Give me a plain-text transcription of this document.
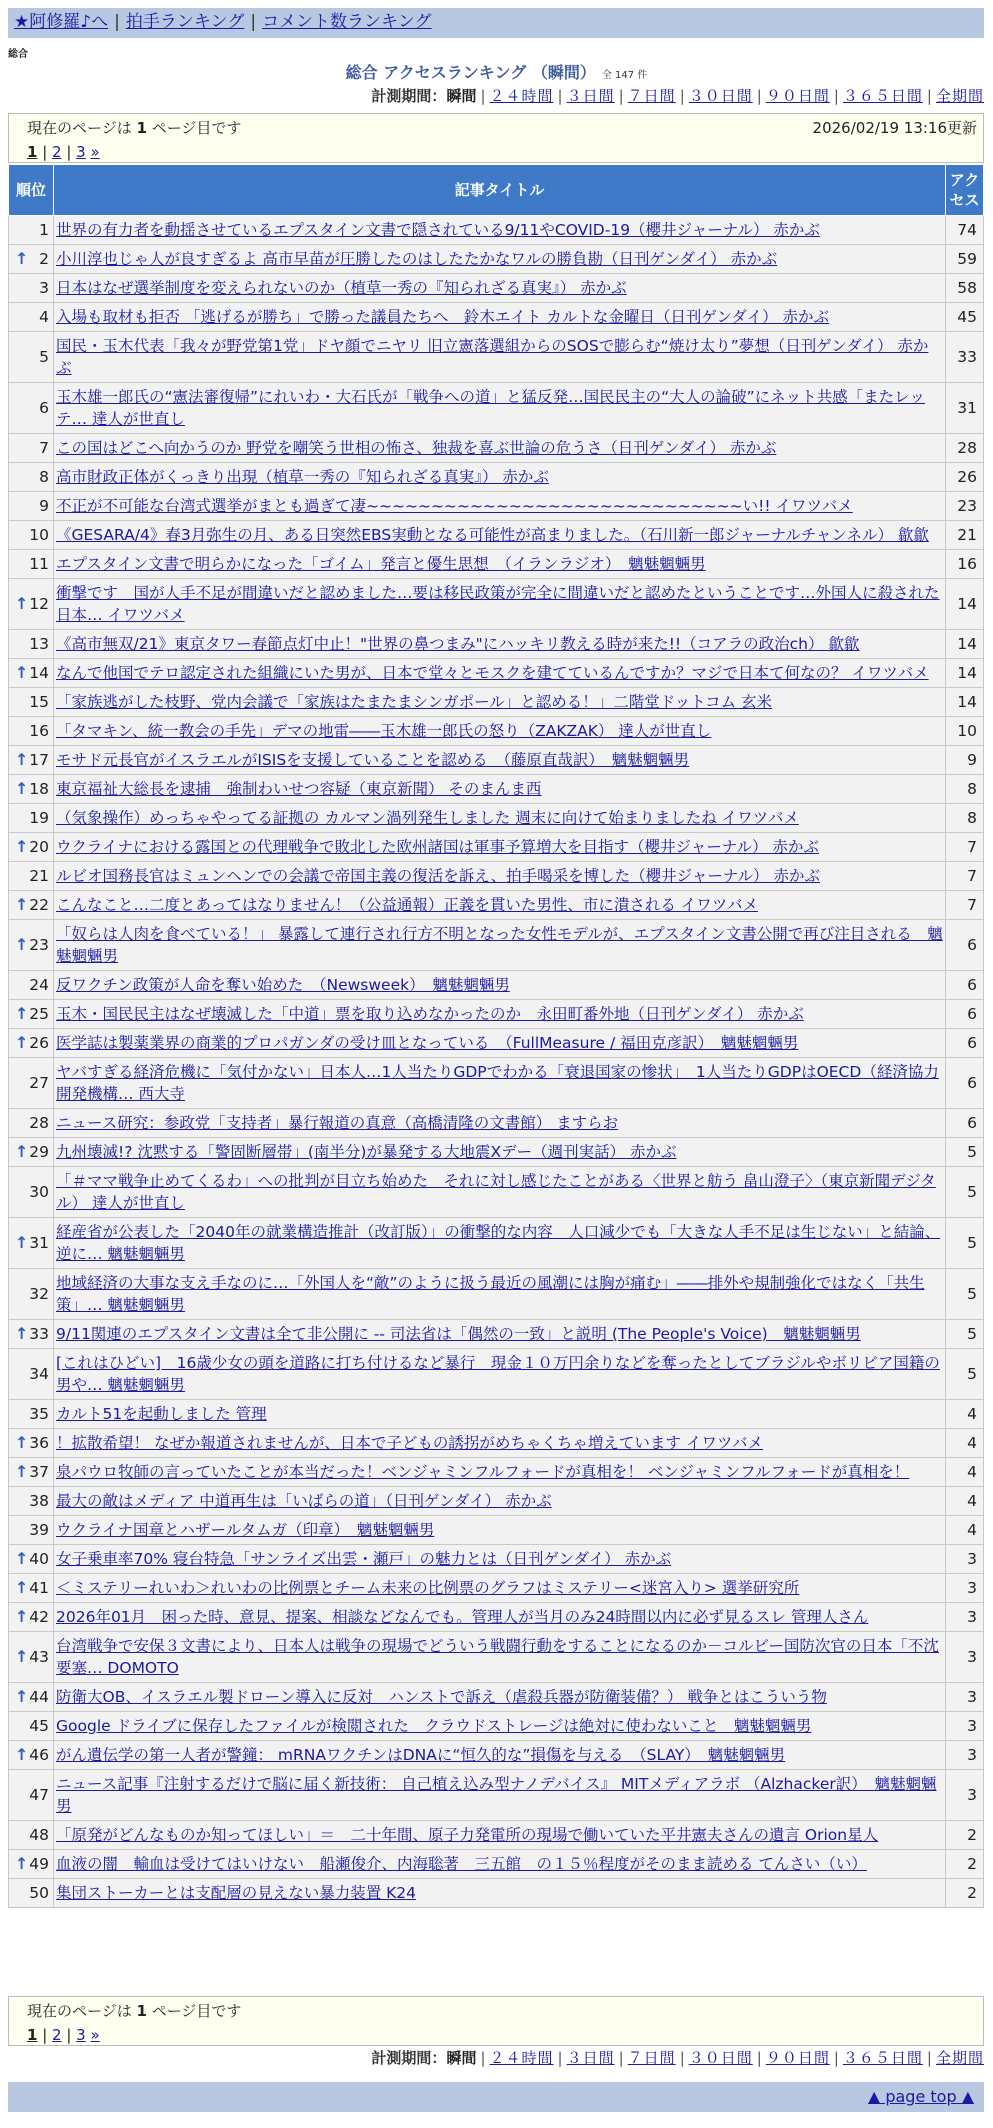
★阿修羅♪へ | 拍手ランキング | コメント数ランキング
総合
総合 アクセスランキング （瞬間） 全 147 件
計測期間：瞬間 | ２４時間 | ３日間 | ７日間 | ３０日間 | ９０日間 | ３６５日間 | 全期間
現在のページは 1 ページ目です	2026/02/19 13:16更新
1 | 2 | 3 »
順位	記事タイトル	アクセス
1	世界の有力者を動揺させているエプスタイン文書で隠されている9/11やCOVID-19（櫻井ジャーナル） 赤かぶ	74

↑ 2	小川淳也じゃ人が良すぎるよ 高市早苗が圧勝したのはしたたかなワルの勝負勘（日刊ゲンダイ） 赤かぶ	59
3	日本はなぜ選挙制度を変えられないのか（植草一秀の『知られざる真実』） 赤かぶ	58
4	入場も取材も拒否 「逃げるが勝ち」で勝った議員たちへ　鈴木エイト カルトな金曜日（日刊ゲンダイ） 赤かぶ	45
5	国民・玉木代表「我々が野党第1党」ドヤ顔でニヤリ 旧立憲落選組からのSOSで膨らむ“焼け太り”夢想（日刊ゲンダイ） 赤かぶ	33
6	玉木雄一郎氏の“憲法審復帰”にれいわ・大石氏が「戦争への道」と猛反発…国民民主の“大人の論破”にネット共感「またレッテ… 達人が世直し	31
7	この国はどこへ向かうのか 野党を嘲笑う世相の怖さ、独裁を喜ぶ世論の危うさ（日刊ゲンダイ） 赤かぶ	28
8	高市財政正体がくっきり出現（植草一秀の『知られざる真実』） 赤かぶ	26
9	不正が不可能な台湾式選挙がまとも過ぎて凄~~~~~~~~~~~~~~~~~~~~~~~~~~~~~い!! イワツバメ	23
10	《GESARA/4》春3月弥生の月、ある日突然EBS実動となる可能性が高まりました。（石川新一郎ジャーナルチャンネル） 歙歙	21
11	エプスタイン文書で明らかになった「ゴイム」発言と優生思想　（イランラジオ）　魑魅魍魎男	16

↑ 12	衝撃です　国が人手不足が間違いだと認めました…要は移民政策が完全に間違いだと認めたということです…外国人に殺された日本… イワツバメ	14
13	《高市無双/21》東京タワー春節点灯中止！"世界の鼻つまみ"にハッキリ教える時が来た!!（コアラの政治ch） 歙歙	14

↑ 14	なんで他国でテロ認定された組織にいた男が、日本で堂々とモスクを建てているんですか？マジで日本て何なの？ イワツバメ	14
15	「家族逃がした枝野、党内会議で「家族はたまたまシンガポール」と認める！」二階堂ドットコム 玄米	14
16	「タマキン、統一教会の手先」デマの地雷――玉木雄一郎氏の怒り（ZAKZAK） 達人が世直し	10

↑ 17	モサド元長官がイスラエルがISISを支援していることを認める　（藤原直哉訳）　魑魅魍魎男	9

↑ 18	東京福祉大総長を逮捕　強制わいせつ容疑（東京新聞） そのまんま西	8
19	（気象操作）めっちゃやってる証拠の カルマン渦列発生しました 週末に向けて始まりましたね イワツバメ	8

↑ 20	ウクライナにおける露国との代理戦争で敗北した欧州諸国は軍事予算増大を目指す（櫻井ジャーナル） 赤かぶ	7
21	ルビオ国務長官はミュンヘンでの会議で帝国主義の復活を訴え、拍手喝采を博した（櫻井ジャーナル） 赤かぶ	7

↑ 22	こんなこと…二度とあってはなりません！（公益通報）正義を貫いた男性、市に潰される イワツバメ	7

↑ 23	「奴らは人肉を食べている！」 暴露して連行され行方不明となった女性モデルが、エプスタイン文書公開で再び注目される　魑魅魍魎男	6
24	反ワクチン政策が人命を奪い始めた　（Newsweek）　魑魅魍魎男	6

↑ 25	玉木・国民民主はなぜ壊滅した「中道」票を取り込めなかったのか　永田町番外地（日刊ゲンダイ） 赤かぶ	6

↑ 26	医学誌は製薬業界の商業的プロパガンダの受け皿となっている　（FullMeasure / 福田克彦訳）　魑魅魍魎男	6
27	ヤバすぎる経済危機に「気付かない」日本人…1人当たりGDPでわかる「衰退国家の惨状」　1人当たりGDPはOECD（経済協力開発機構… 西大寺	6
28	ニュース研究：参政党「支持者」暴行報道の真意（高橋清隆の文書館） ますらお	6

↑ 29	九州壊滅!? 沈黙する「警固断層帯」(南半分)が暴発する大地震Xデー（週刊実話） 赤かぶ	5
30	「＃ママ戦争止めてくるわ」への批判が目立ち始めた　それに対し感じたことがある〈世界と舫う 畠山澄子〉（東京新聞デジタル） 達人が世直し	5

↑ 31	経産省が公表した「2040年の就業構造推計（改訂版）」の衝撃的な内容　人口減少でも「大きな人手不足は生じない」と結論、逆に… 魑魅魍魎男	5
32	地域経済の大事な支え手なのに…「外国人を“敵”のように扱う最近の風潮には胸が痛む」――排外や規制強化ではなく「共生策」… 魑魅魍魎男	5

↑ 33	9/11関連のエプスタイン文書は全て非公開に -- 司法省は「偶然の一致」と説明 (The People's Voice)　魑魅魍魎男	5
34	[これはひどい]　16歳少女の頭を道路に打ち付けるなど暴行　現金１０万円余りなどを奪ったとしてブラジルやボリビア国籍の男や… 魑魅魍魎男	5
35	カルト51を起動しました 管理	4

↑ 36	！拡散希望！ なぜか報道されませんが、日本で子どもの誘拐がめちゃくちゃ増えています イワツバメ	4

↑ 37	泉パウロ牧師の言っていたことが本当だった！ベンジャミンフルフォードが真相を！ ベンジャミンフルフォードが真相を！	4
38	最大の敵はメディア 中道再生は「いばらの道」（日刊ゲンダイ） 赤かぶ	4
39	ウクライナ国章とハザールタムガ（印章）　魑魅魍魎男	4

↑ 40	女子乗車率70% 寝台特急「サンライズ出雲・瀬戸」の魅力とは（日刊ゲンダイ） 赤かぶ	3

↑ 41	＜ミステリーれいわ＞れいわの比例票とチーム未来の比例票のグラフはミステリー<迷宮入り> 選挙研究所	3

↑ 42	2026年01月　困った時、意見、提案、相談などなんでも。管理人が当月のみ24時間以内に必ず見るスレ 管理人さん	3

↑ 43	台湾戦争で安保３文書により、日本人は戦争の現場でどういう戦闘行動をすることになるのか－コルビー国防次官の日本「不沈要塞… DOMOTO	3

↑ 44	防衛大OB、イスラエル製ドローン導入に反対　ハンストで訴え（虐殺兵器が防衛装備？） 戦争とはこういう物	3
45	Google ドライブに保存したファイルが検閲された　クラウドストレージは絶対に使わないこと　魑魅魍魎男	3

↑ 46	がん遺伝学の第一人者が警鐘： mRNAワクチンはDNAに“恒久的な”損傷を与える　（SLAY）　魑魅魍魎男	3
47	ニュース記事『注射するだけで脳に届く新技術： 自己植え込み型ナノデバイス』 MITメディアラボ （Alzhacker訳）　魑魅魍魎男	3
48	「原発がどんなものか知ってほしい」＝　二十年間、原子力発電所の現場で働いていた平井憲夫さんの遺言 Orion星人	2

↑ 49	血液の闇　輸血は受けてはいけない　船瀬俊介、内海聡著　三五館　の１５％程度がそのまま読める てんさい（い）	2
50	集団ストーカーとは支配層の見えない暴力装置 K24	2
現在のページは 1 ページ目です
1 | 2 | 3 »
計測期間：瞬間 | ２４時間 | ３日間 | ７日間 | ３０日間 | ９０日間 | ３６５日間 | 全期間
▲ page top ▲
